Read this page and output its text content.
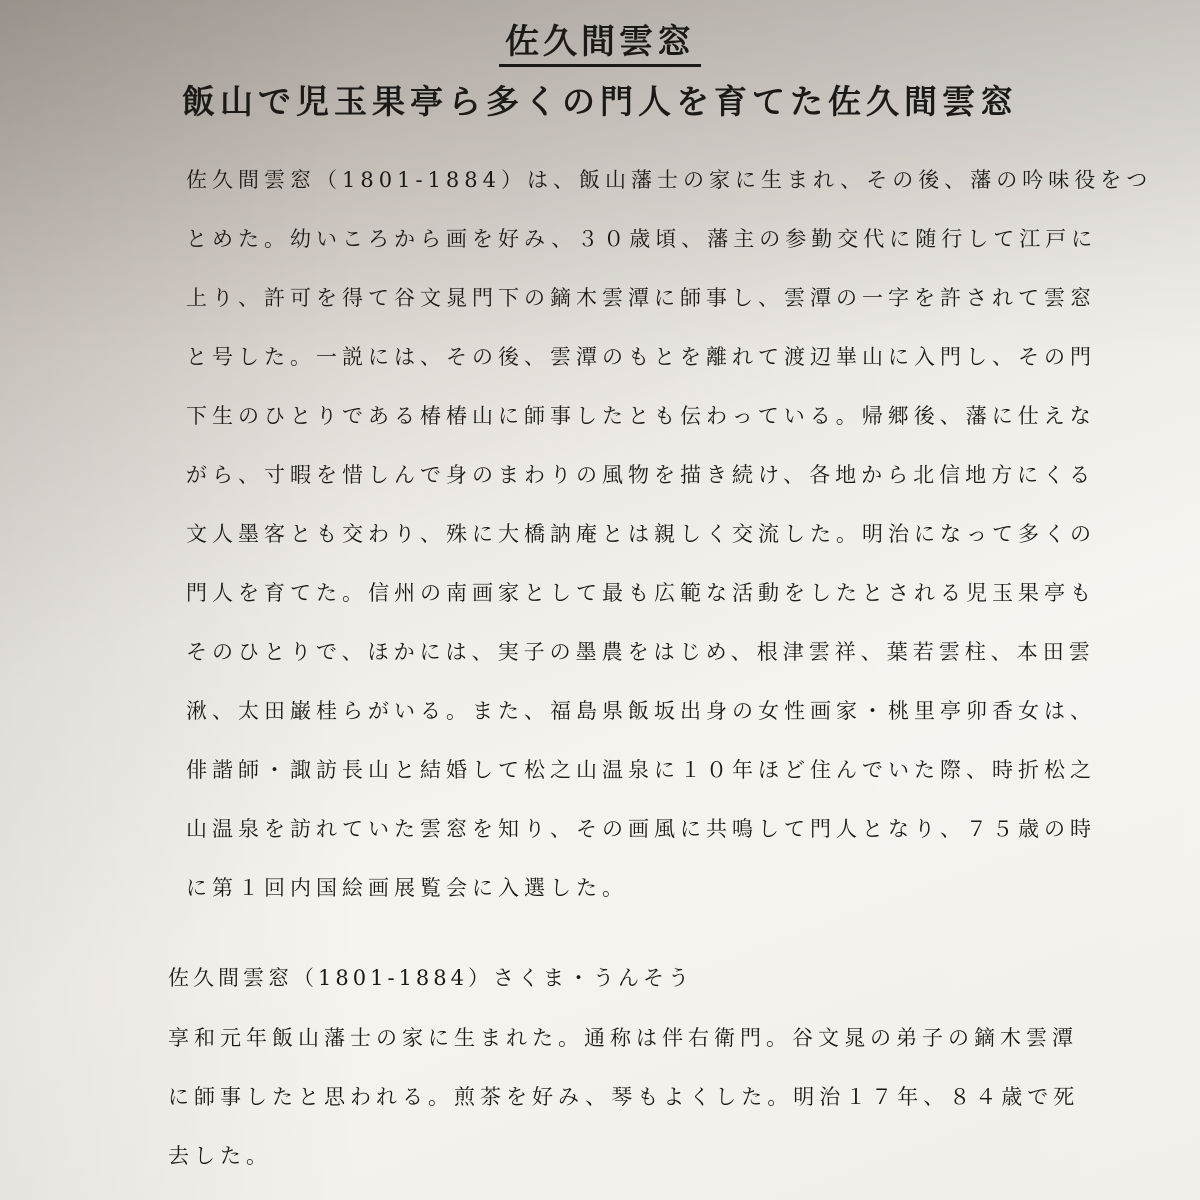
佐久間雲窓
飯山で児玉果亭ら多くの門人を育てた佐久間雲窓

佐久間雲窓（1801-1884）は、飯山藩士の家に生まれ、その後、藩の吟味役をつ
とめた。幼いころから画を好み、３０歳頃、藩主の参勤交代に随行して江戸に
上り、許可を得て谷文晁門下の鏑木雲潭に師事し、雲潭の一字を許されて雲窓
と号した。一説には、その後、雲潭のもとを離れて渡辺崋山に入門し、その門
下生のひとりである椿椿山に師事したとも伝わっている。帰郷後、藩に仕えな
がら、寸暇を惜しんで身のまわりの風物を描き続け、各地から北信地方にくる
文人墨客とも交わり、殊に大橋訥庵とは親しく交流した。明治になって多くの
門人を育てた。信州の南画家として最も広範な活動をしたとされる児玉果亭も
そのひとりで、ほかには、実子の墨農をはじめ、根津雲祥、葉若雲柱、本田雲
湫、太田巌桂らがいる。また、福島県飯坂出身の女性画家・桃里亭卯香女は、
俳諧師・諏訪長山と結婚して松之山温泉に１０年ほど住んでいた際、時折松之
山温泉を訪れていた雲窓を知り、その画風に共鳴して門人となり、７５歳の時
に第１回内国絵画展覧会に入選した。

佐久間雲窓（1801-1884）さくま・うんそう

享和元年飯山藩士の家に生まれた。通称は伴右衛門。谷文晁の弟子の鏑木雲潭
に師事したと思われる。煎茶を好み、琴もよくした。明治１７年、８４歳で死
去した。
